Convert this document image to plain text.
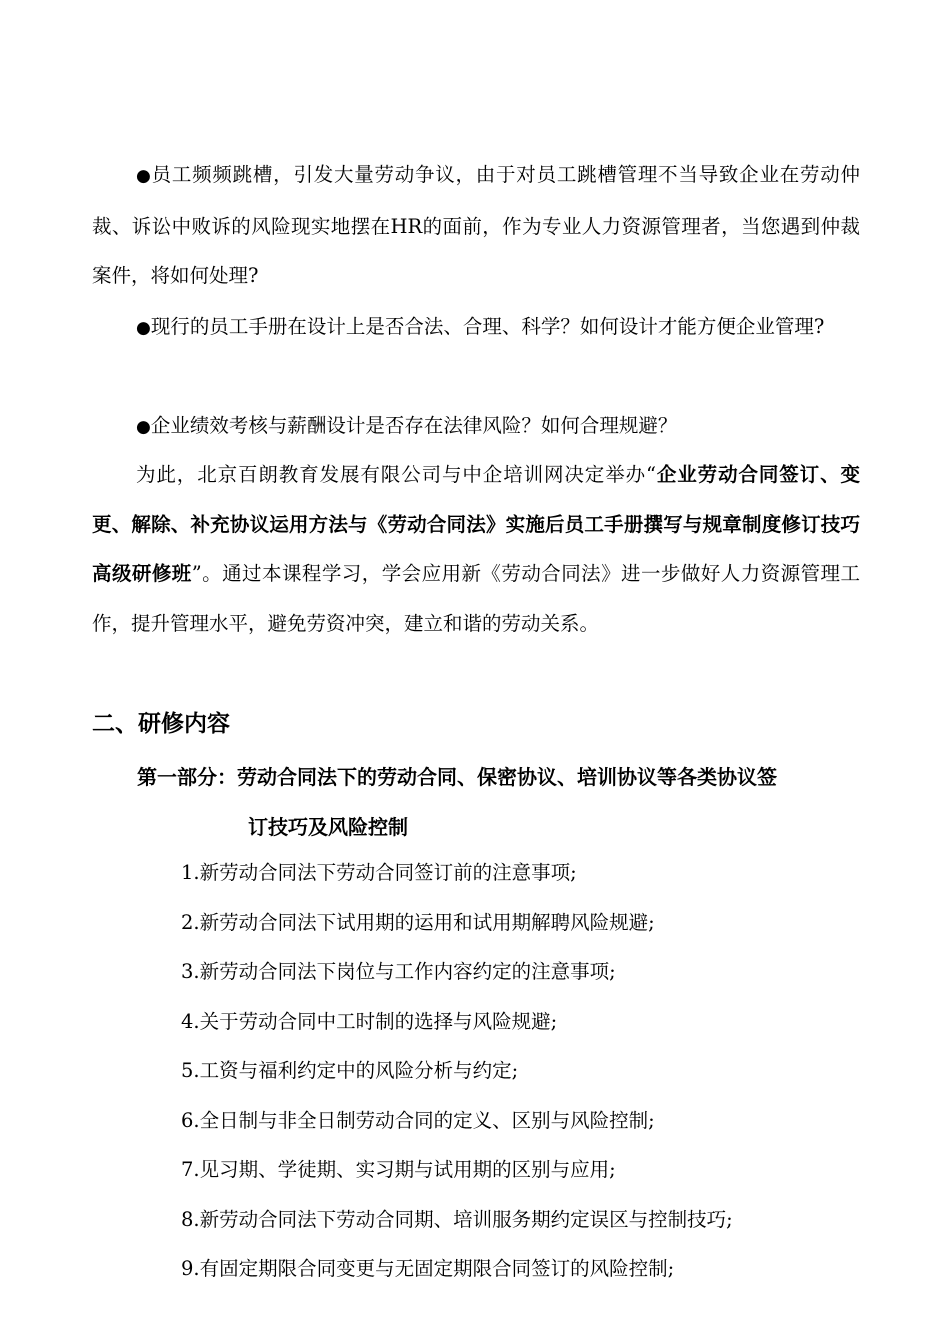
●员工频频跳槽，引发大量劳动争议，由于对员工跳槽管理不当导致企业在劳动仲裁、诉讼中败诉的风险现实地摆在HR的面前，作为专业人力资源管理者，当您遇到仲裁案件，将如何处理?

●现行的员工手册在设计上是否合法、合理、科学？如何设计才能方便企业管理?

●企业绩效考核与薪酬设计是否存在法律风险？如何合理规避？

为此，北京百朗教育发展有限公司与中企培训网决定举办“企业劳动合同签订、变更、解除、补充协议运用方法与《劳动合同法》实施后员工手册撰写与规章制度修订技巧高级研修班”。通过本课程学习，学会应用新《劳动合同法》进一步做好人力资源管理工作，提升管理水平，避免劳资冲突，建立和谐的劳动关系。

二、研修内容
第一部分：劳动合同法下的劳动合同、保密协议、培训协议等各类协议签
订技巧及风险控制
1.新劳动合同法下劳动合同签订前的注意事项;
2.新劳动合同法下试用期的运用和试用期解聘风险规避;
3.新劳动合同法下岗位与工作内容约定的注意事项;
4.关于劳动合同中工时制的选择与风险规避;
5.工资与福利约定中的风险分析与约定;
6.全日制与非全日制劳动合同的定义、区别与风险控制;
7.见习期、学徒期、实习期与试用期的区别与应用;
8.新劳动合同法下劳动合同期、培训服务期约定误区与控制技巧;
9.有固定期限合同变更与无固定期限合同签订的风险控制;
